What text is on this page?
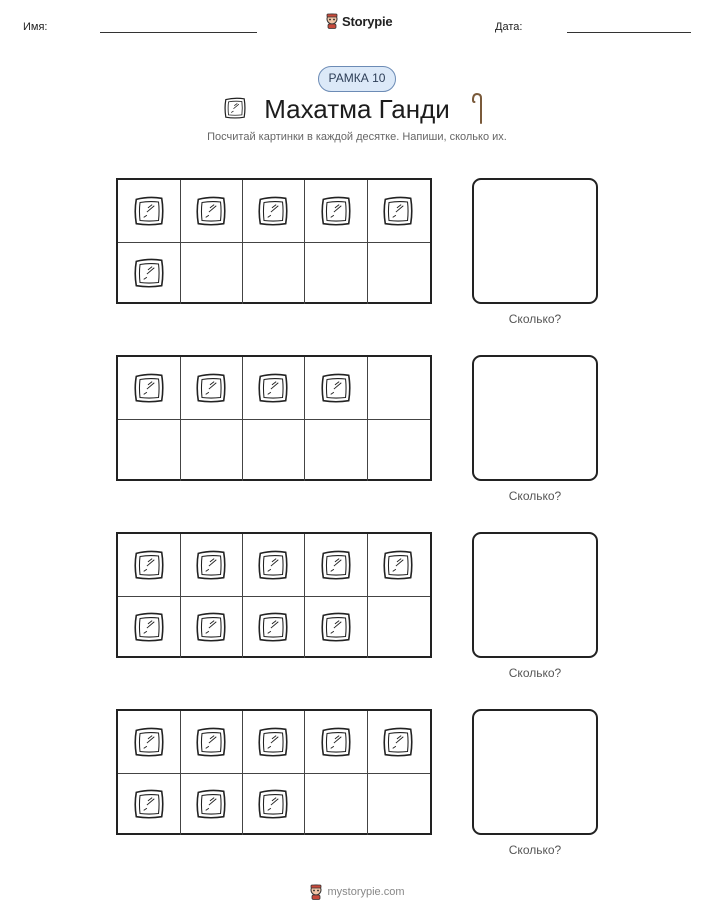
Имя:	Storypie	Дата:
РАМКА 10
Махатма Ганди
Посчитай картинки в каждой десятке. Напиши, сколько их.
Сколько?
Сколько?
Сколько?
Сколько?
mystorypie.com
